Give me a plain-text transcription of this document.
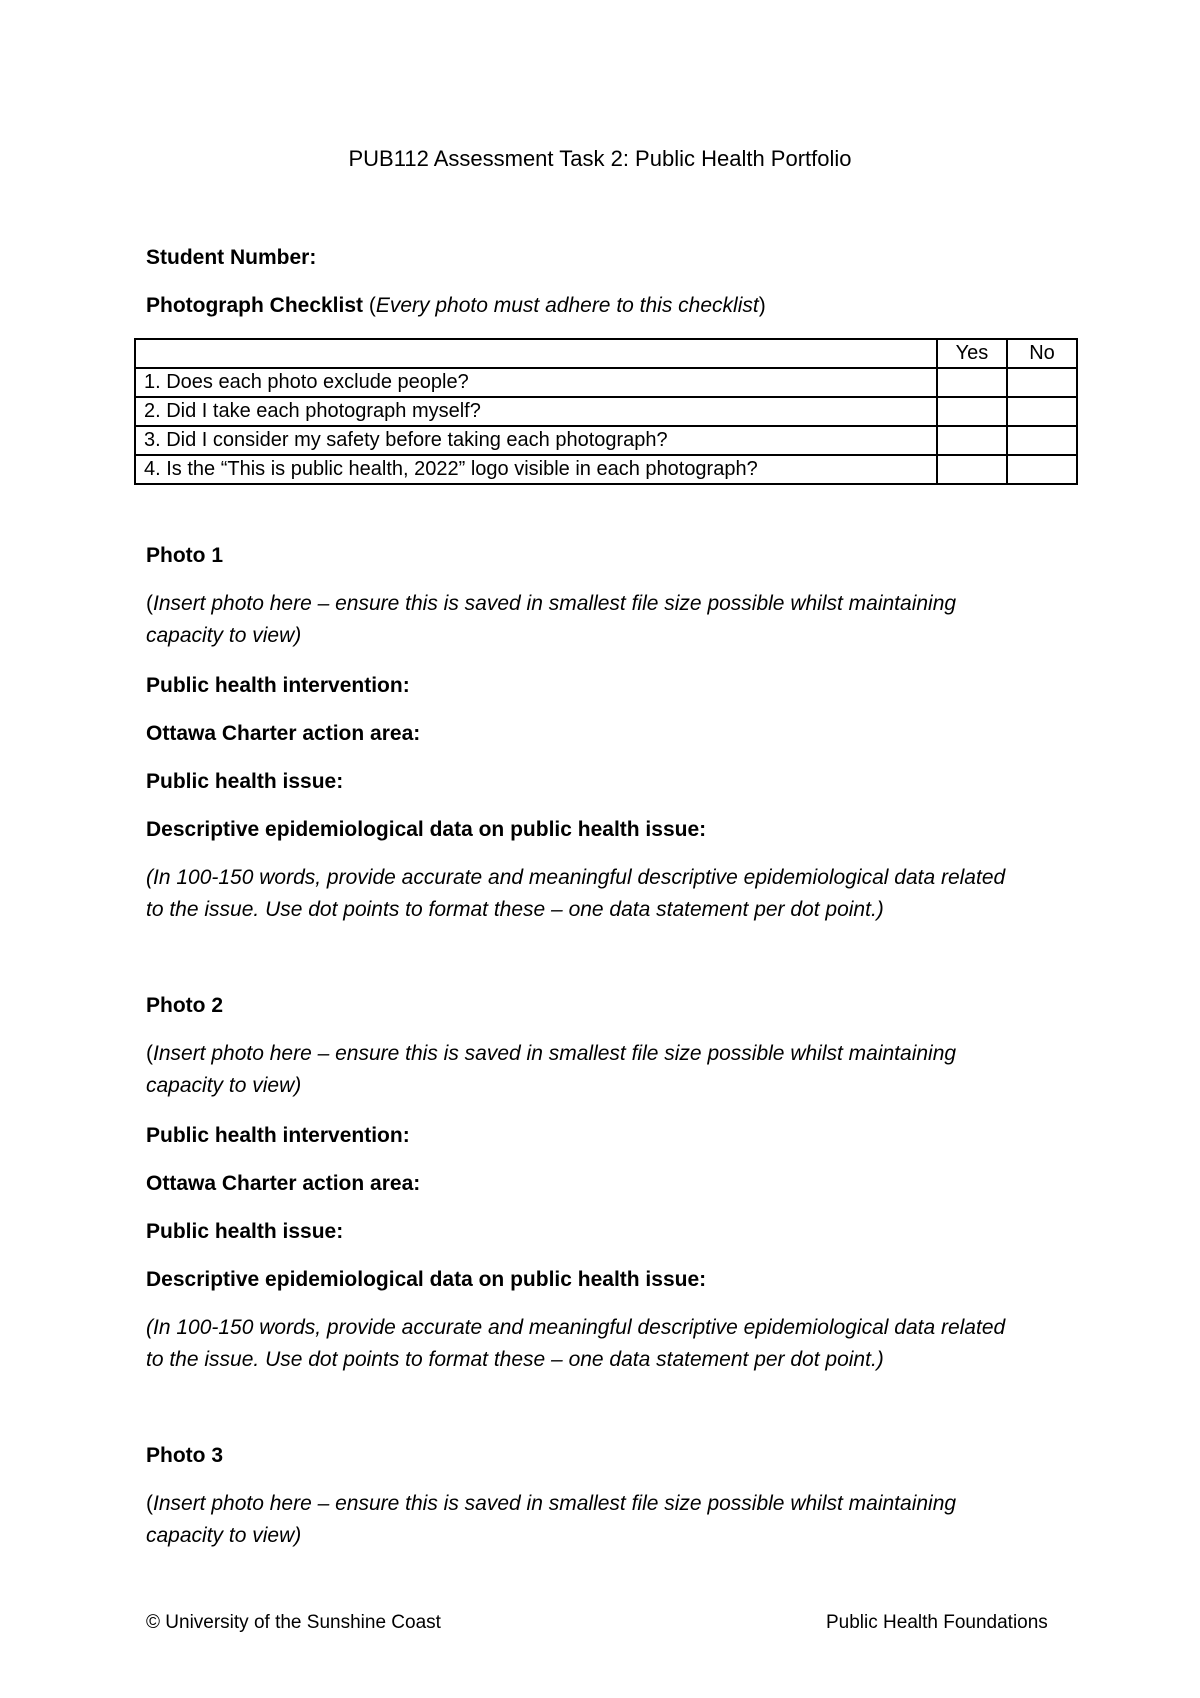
PUB112 Assessment Task 2: Public Health Portfolio
Student Number:
Photograph Checklist (Every photo must adhere to this checklist)
	Yes	No
1. Does each photo exclude people?		
2. Did I take each photograph myself?		
3. Did I consider my safety before taking each photograph?		
4. Is the “This is public health, 2022” logo visible in each photograph?		
Photo 1
(Insert photo here – ensure this is saved in smallest file size possible whilst maintaining capacity to view)
Public health intervention:
Ottawa Charter action area:
Public health issue:
Descriptive epidemiological data on public health issue:
(In 100-150 words, provide accurate and meaningful descriptive epidemiological data related to the issue. Use dot points to format these – one data statement per dot point.)
Photo 2
(Insert photo here – ensure this is saved in smallest file size possible whilst maintaining capacity to view)
Public health intervention:
Ottawa Charter action area:
Public health issue:
Descriptive epidemiological data on public health issue:
(In 100-150 words, provide accurate and meaningful descriptive epidemiological data related to the issue. Use dot points to format these – one data statement per dot point.)
Photo 3
(Insert photo here – ensure this is saved in smallest file size possible whilst maintaining capacity to view)
© University of the Sunshine Coast	Public Health Foundations
